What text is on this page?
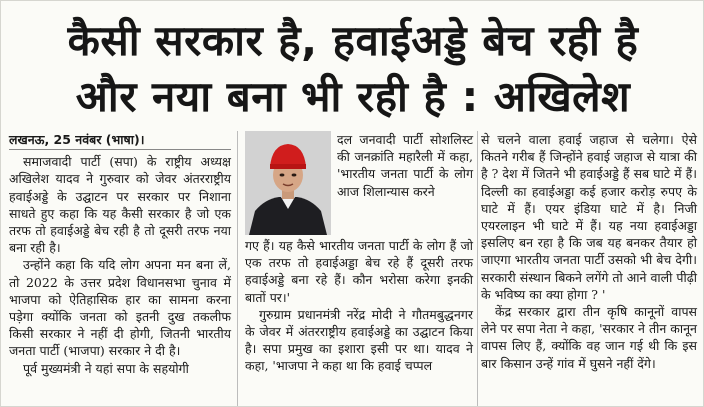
कैसी सरकार है, हवाईअड्डे बेच रही है
और नया बना भी रही है : अखिलेश
लखनऊ, 25 नवंबर (भाषा)।

समाजवादी पार्टी (सपा) के राष्ट्रीय अध्यक्ष अखिलेश यादव ने गुरुवार को जेवर अंतरराष्ट्रीय हवाईअड्डे के उद्घाटन पर सरकार पर निशाना साधते हुए कहा कि यह कैसी सरकार है जो एक तरफ तो हवाईअड्डे बेच रही है तो दूसरी तरफ नया बना रही है।

उन्होंने कहा कि यदि लोग अपना मन बना लें, तो 2022 के उत्तर प्रदेश विधानसभा चुनाव में भाजपा को ऐतिहासिक हार का सामना करना पड़ेगा क्योंकि जनता को इतनी दुख तकलीफ किसी सरकार ने नहीं दी होगी, जितनी भारतीय जनता पार्टी (भाजपा) सरकार ने दी है।

पूर्व मुख्यमंत्री ने यहां सपा के सहयोगी

दल जनवादी पार्टी सोशलिस्ट की जनक्रांति महारैली में कहा, 'भारतीय जनता पार्टी के लोग आज शिलान्यास करने

गए हैं। यह कैसे भारतीय जनता पार्टी के लोग हैं जो एक तरफ तो हवाईअड्डा बेच रहे हैं दूसरी तरफ हवाईअड्डे बना रहे हैं। कौन भरोसा करेगा इनकी बातों पर।'

गुरुग्राम प्रधानमंत्री नरेंद्र मोदी ने गौतमबुद्धनगर के जेवर में अंतरराष्ट्रीय हवाईअड्डे का उद्घाटन किया है। सपा प्रमुख का इशारा इसी पर था। यादव ने कहा, 'भाजपा ने कहा था कि हवाई चप्पल

से चलने वाला हवाई जहाज से चलेगा। ऐसे कितने गरीब हैं जिन्होंने हवाई जहाज से यात्रा की है ? देश में जितने भी हवाईअड्डे हैं सब घाटे में हैं। दिल्ली का हवाईअड्डा कई हजार करोड़ रुपए के घाटे में हैं। एयर इंडिया घाटे में है। निजी एयरलाइन भी घाटे में हैं। यह नया हवाईअड्डा इसलिए बन रहा है कि जब यह बनकर तैयार हो जाएगा भारतीय जनता पार्टी उसको भी बेच देगी। सरकारी संस्थान बिकने लगेंगे तो आने वाली पीढ़ी के भविष्य का क्या होगा ? '

केंद्र सरकार द्वारा तीन कृषि कानूनों वापस लेने पर सपा नेता ने कहा, 'सरकार ने तीन कानून वापस लिए हैं, क्योंकि वह जान गई थी कि इस बार किसान उन्हें गांव में घुसने नहीं देंगे।
